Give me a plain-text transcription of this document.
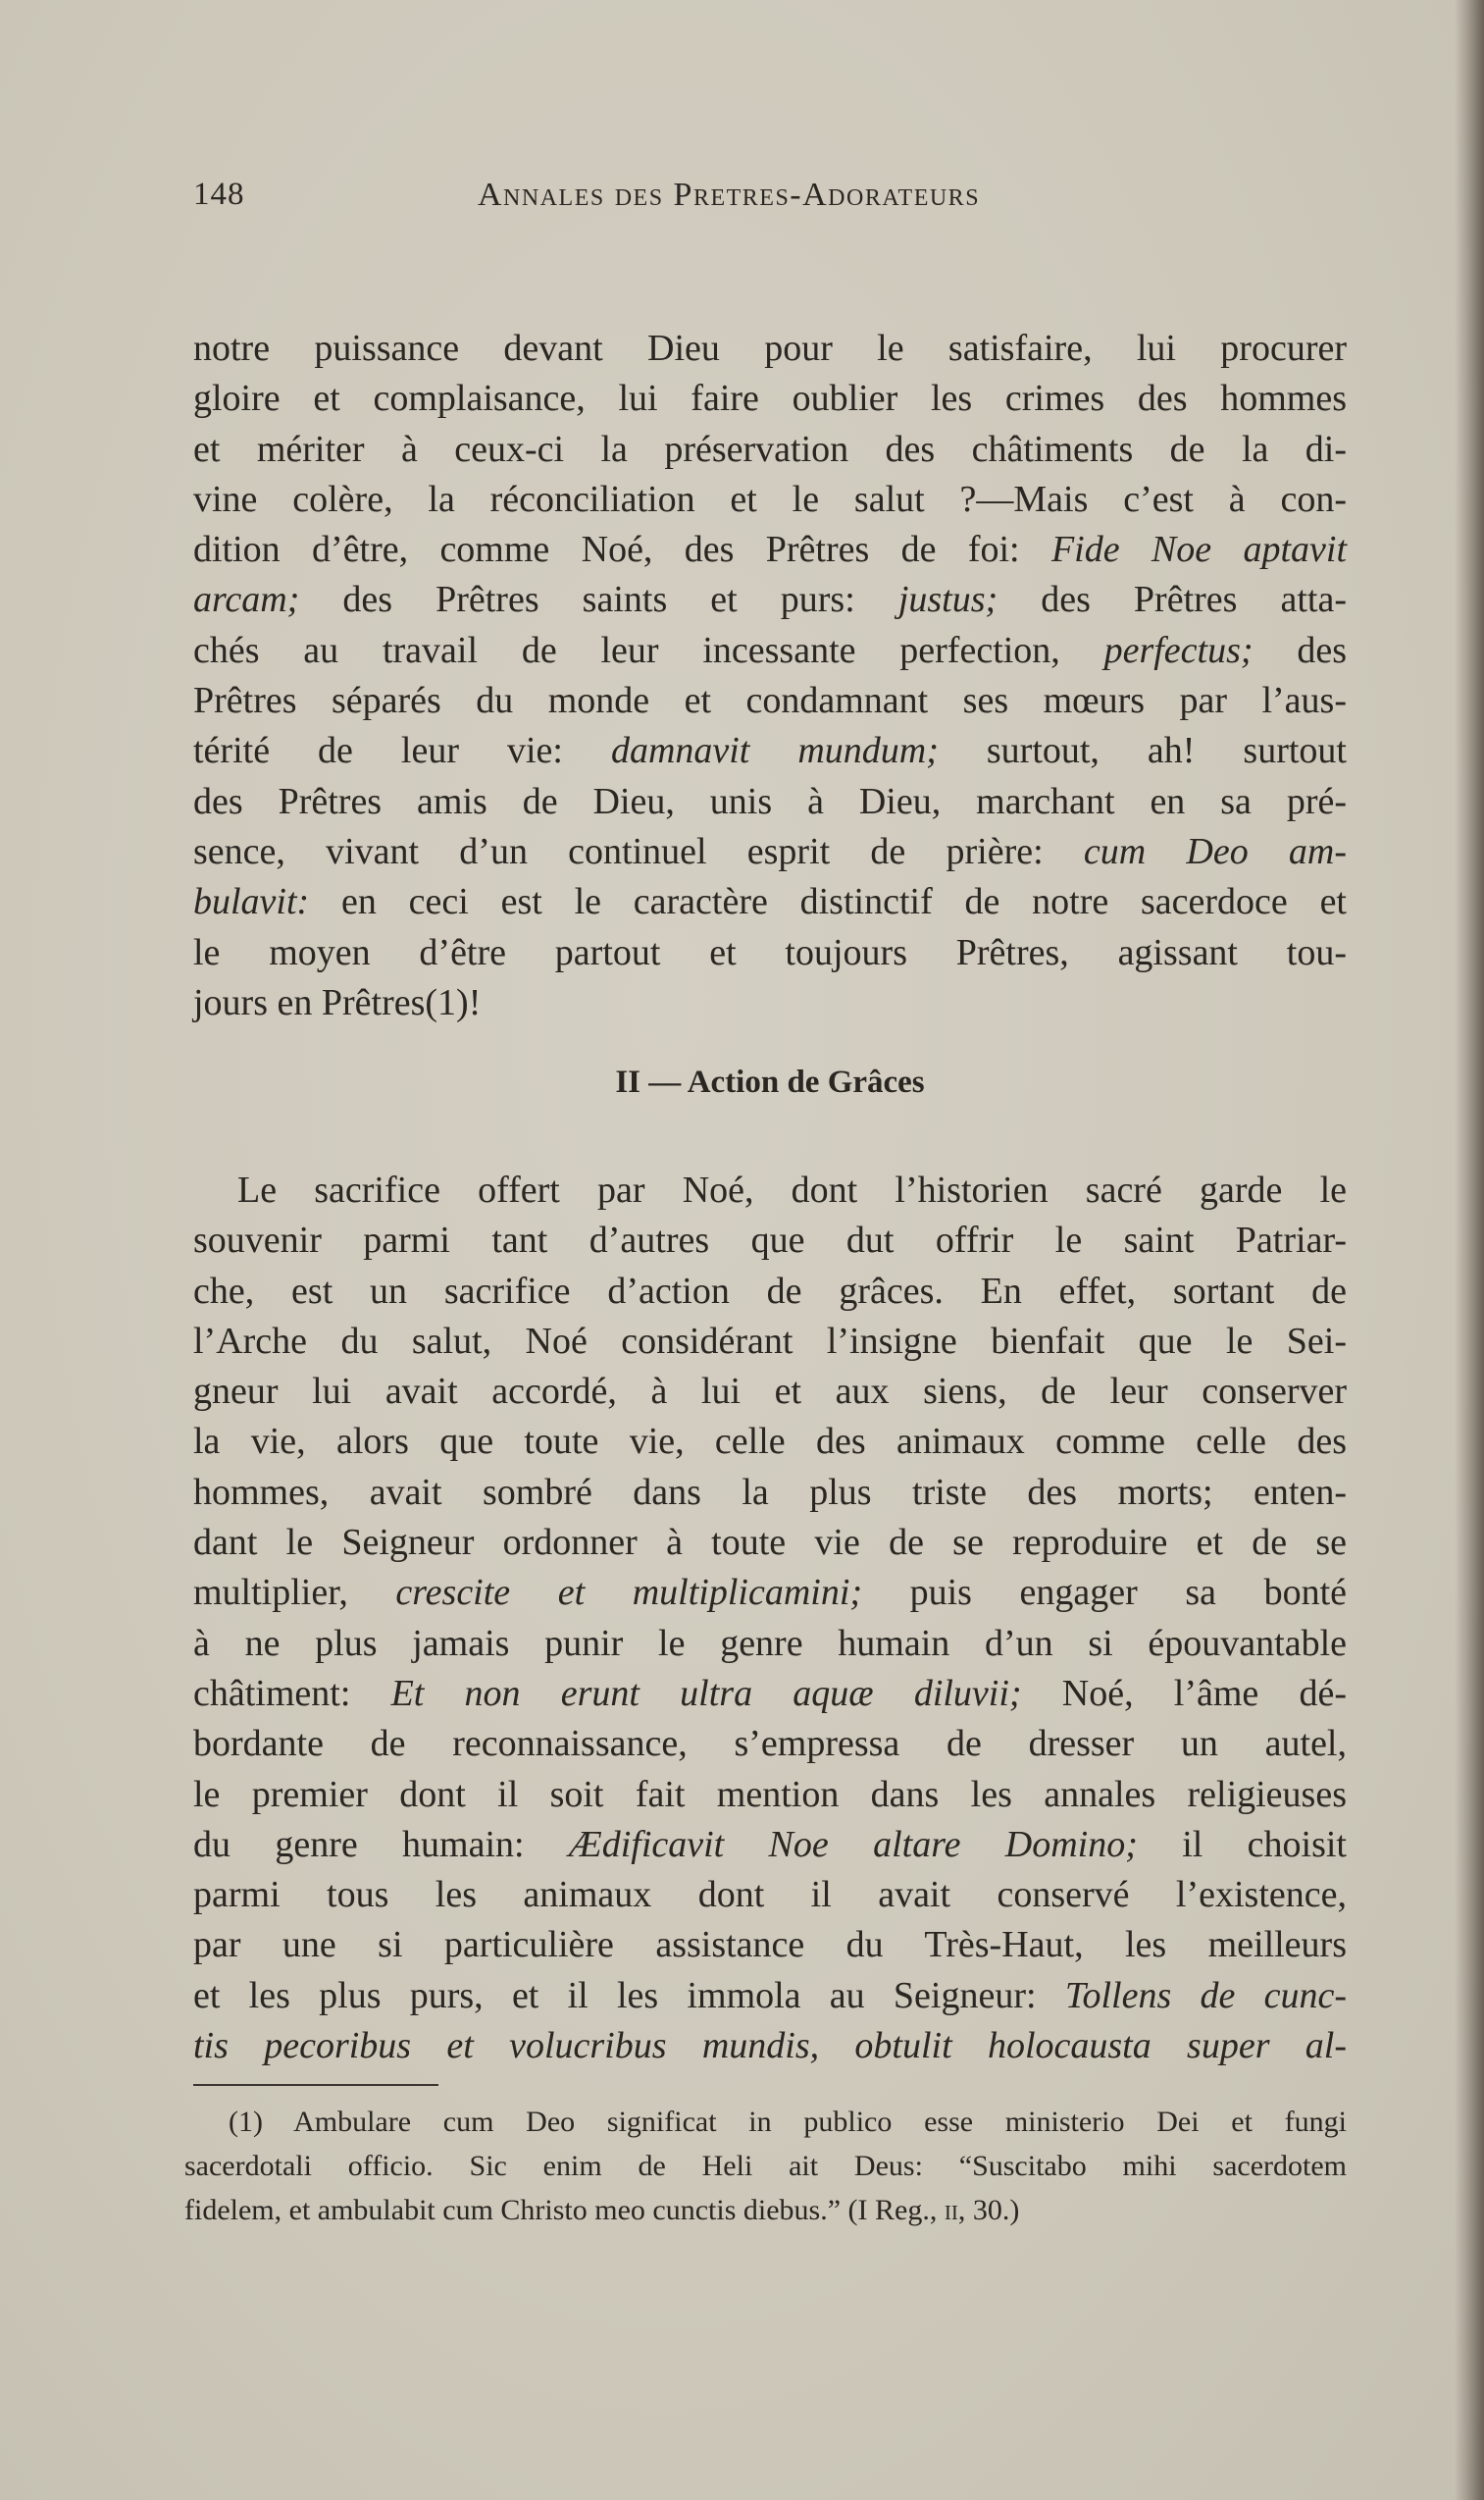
148	Annales des Pretres-Adorateurs
notre puissance devant Dieu pour le satisfaire, lui procurer
gloire et complaisance, lui faire oublier les crimes des hommes
et mériter à ceux-ci la préservation des châtiments de la di-
vine colère, la réconciliation et le salut ?—Mais c’est à con-
dition d’être, comme Noé, des Prêtres de foi: Fide Noe aptavit
arcam; des Prêtres saints et purs: justus; des Prêtres atta-
chés au travail de leur incessante perfection, perfectus; des
Prêtres séparés du monde et condamnant ses mœurs par l’aus-
térité de leur vie: damnavit mundum; surtout, ah! surtout
des Prêtres amis de Dieu, unis à Dieu, marchant en sa pré-
sence, vivant d’un continuel esprit de prière: cum Deo am-
bulavit: en ceci est le caractère distinctif de notre sacerdoce et
le moyen d’être partout et toujours Prêtres, agissant tou-
jours en Prêtres(1)!
II — Action de Grâces
Le sacrifice offert par Noé, dont l’historien sacré garde le
souvenir parmi tant d’autres que dut offrir le saint Patriar-
che, est un sacrifice d’action de grâces. En effet, sortant de
l’Arche du salut, Noé considérant l’insigne bienfait que le Sei-
gneur lui avait accordé, à lui et aux siens, de leur conserver
la vie, alors que toute vie, celle des animaux comme celle des
hommes, avait sombré dans la plus triste des morts; enten-
dant le Seigneur ordonner à toute vie de se reproduire et de se
multiplier, crescite et multiplicamini; puis engager sa bonté
à ne plus jamais punir le genre humain d’un si épouvantable
châtiment: Et non erunt ultra aquæ diluvii; Noé, l’âme dé-
bordante de reconnaissance, s’empressa de dresser un autel,
le premier dont il soit fait mention dans les annales religieuses
du genre humain: Ædificavit Noe altare Domino; il choisit
parmi tous les animaux dont il avait conservé l’existence,
par une si particulière assistance du Très-Haut, les meilleurs
et les plus purs, et il les immola au Seigneur: Tollens de cunc-
tis pecoribus et volucribus mundis, obtulit holocausta super al-
(1) Ambulare cum Deo significat in publico esse ministerio Dei et fungi
sacerdotali officio. Sic enim de Heli ait Deus: “Suscitabo mihi sacerdotem
fidelem, et ambulabit cum Christo meo cunctis diebus.” (I Reg., ii, 30.)
